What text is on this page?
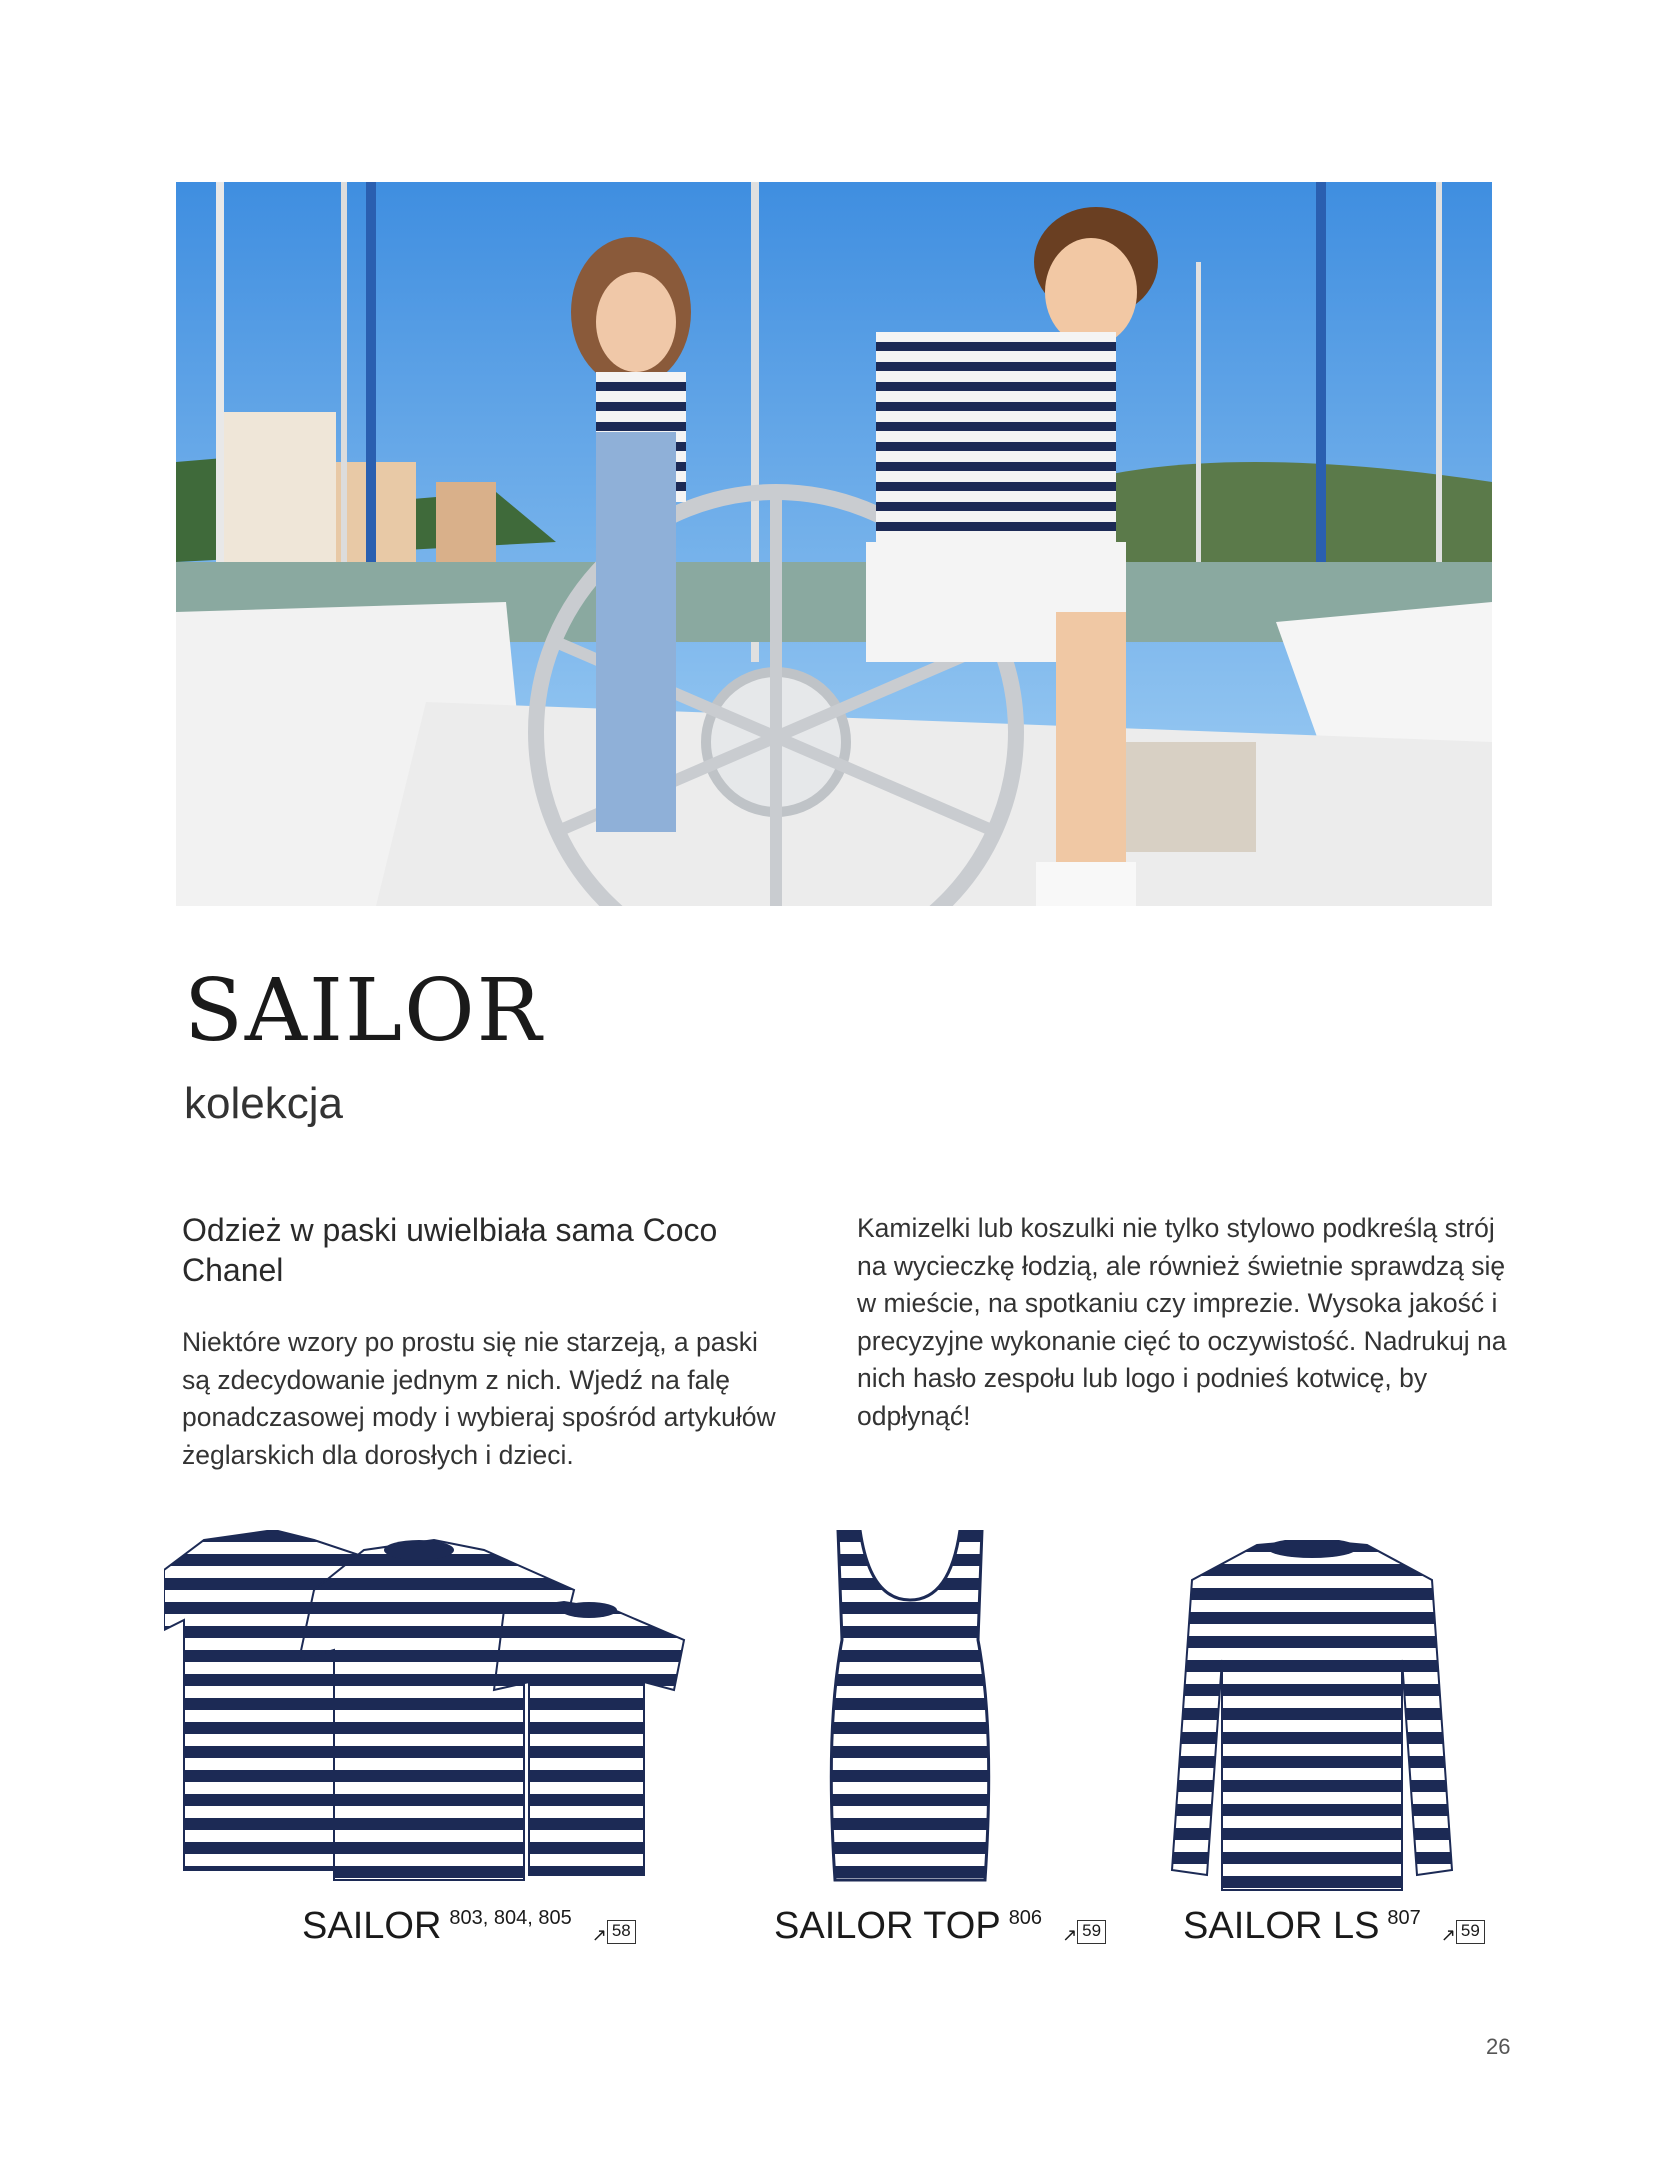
SAILOR
kolekcja

Odzież w paski uwielbiała sama Coco Chanel

Niektóre wzory po prostu się nie starzeją, a paski są zdecydowanie jednym z nich. Wjedź na falę ponadczasowej mody i wybieraj spośród artykułów żeglarskich dla dorosłych i dzieci.

Kamizelki lub koszulki nie tylko stylowo podkreślą strój na wycieczkę łodzią, ale również świetnie sprawdzą się w mieście, na spotkaniu czy imprezie. Wysoka jakość i precyzyjne wykonanie cięć to oczywistość. Nadrukuj na nich hasło zespołu lub logo i podnieś kotwicę, by odpłynąć!

SAILOR 803, 804, 805
↗ 58	SAILOR TOP 806
↗ 59 SAILOR LS 807
↗ 59
26
